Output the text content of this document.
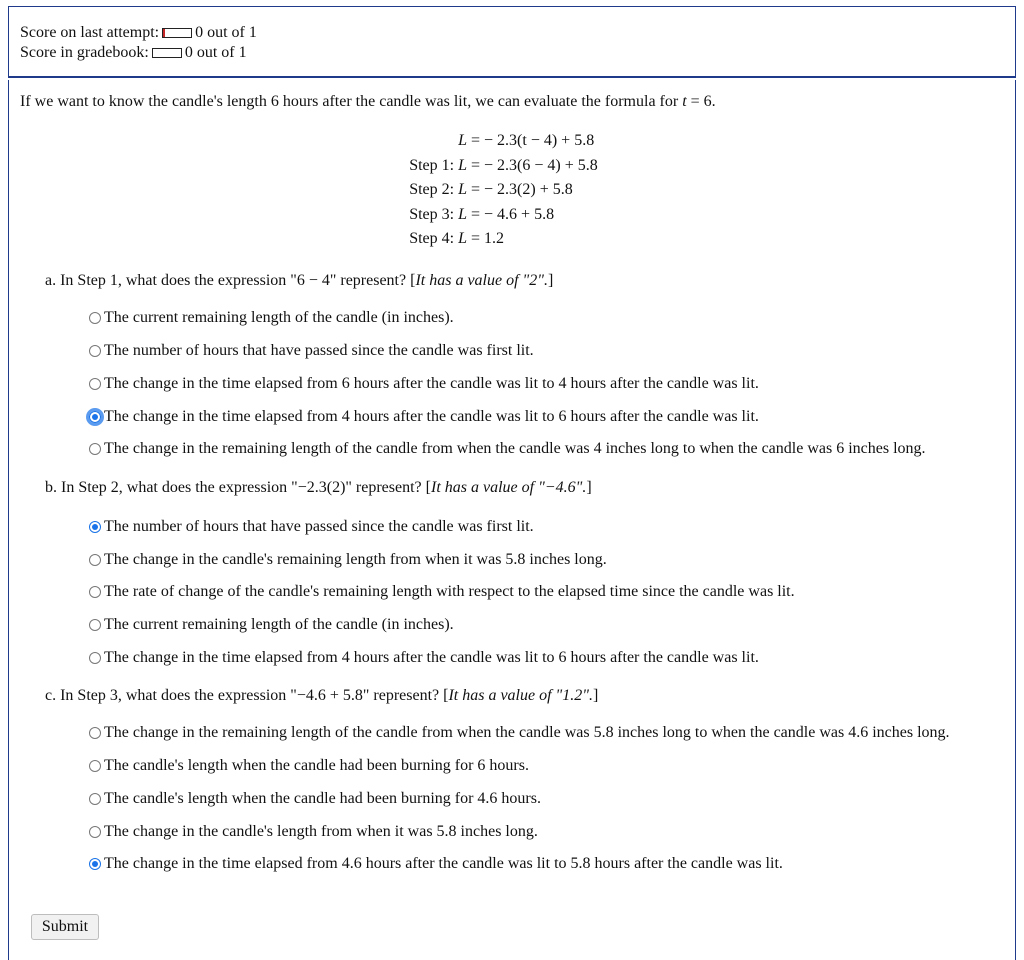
Score on last attempt: 0 out of 1
Score in gradebook: 0 out of 1
If we want to know the candle's length 6 hours after the candle was lit, we can evaluate the formula for t = 6.
L = − 2.3(t − 4) + 5.8
Step 1: L = − 2.3(6 − 4) + 5.8
Step 2: L = − 2.3(2) + 5.8
Step 3: L = − 4.6 + 5.8
Step 4: L = 1.2
a. In Step 1, what does the expression "6 − 4" represent? [It has a value of "2".]
The current remaining length of the candle (in inches).
The number of hours that have passed since the candle was first lit.
The change in the time elapsed from 6 hours after the candle was lit to 4 hours after the candle was lit.
The change in the time elapsed from 4 hours after the candle was lit to 6 hours after the candle was lit.
The change in the remaining length of the candle from when the candle was 4 inches long to when the candle was 6 inches long.
b. In Step 2, what does the expression "−2.3(2)" represent? [It has a value of "−4.6".]
The number of hours that have passed since the candle was first lit.
The change in the candle's remaining length from when it was 5.8 inches long.
The rate of change of the candle's remaining length with respect to the elapsed time since the candle was lit.
The current remaining length of the candle (in inches).
The change in the time elapsed from 4 hours after the candle was lit to 6 hours after the candle was lit.
c. In Step 3, what does the expression "−4.6 + 5.8" represent? [It has a value of "1.2".]
The change in the remaining length of the candle from when the candle was 5.8 inches long to when the candle was 4.6 inches long.
The candle's length when the candle had been burning for 6 hours.
The candle's length when the candle had been burning for 4.6 hours.
The change in the candle's length from when it was 5.8 inches long.
The change in the time elapsed from 4.6 hours after the candle was lit to 5.8 hours after the candle was lit.
Submit
